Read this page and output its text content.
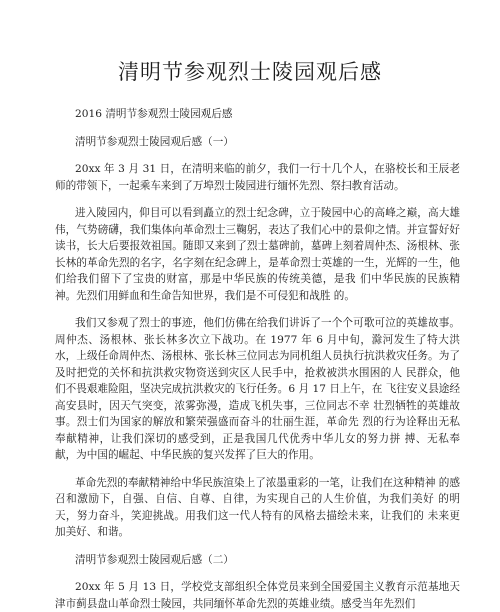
清明节参观烈士陵园观后感

2016 清明节参观烈士陵园观后感

清明节参观烈士陵园观后感（一）

20xx 年 3 月 31 日，在清明来临的前夕，我们一行十几个人，在骆校长和王辰老师的带领下，一起乘车来到了万埠烈士陵园进行缅怀先烈、祭扫教育活动。

进入陵园内，仰目可以看到矗立的烈士纪念碑，立于陵园中心的高峰之巅，高大雄伟，气势磅礴，我们集体向革命烈士三鞠躬，表达了我们心中的景仰之情。并宣誓好好读书，长大后要报效祖国。随即又来到了烈士墓碑前，墓碑上刻着周仲杰、汤根林、张长林的革命先烈的名字，名字刻在纪念碑上，是革命烈士英雄的一生，光辉的一生，他们给我们留下了宝贵的财富，那是中华民族的传统美德，是我 们中华民族的民族精神。先烈们用鲜血和生命告知世界，我们是不可侵犯和战胜 的。

我们又参观了烈士的事迹，他们仿佛在给我们讲诉了一个个可歌可泣的英雄故事。周仲杰、汤根林、张长林多次立下战功。在 1977 年 6 月中旬，滁河发生了特大洪水，上级任命周仲杰、汤根林、张长林三位同志为同机组人员执行抗洪救灾任务。为了及时把党的关怀和抗洪救灾物资送到灾区人民手中，抢救被洪水围困的人 民群众，他们不畏艰难险阻，坚决完成抗洪救灾的飞行任务。6 月 17 日上午，在 飞往安义县途经高安县时，因天气突变，浓雾弥漫，造成飞机失事，三位同志不幸 壮烈牺牲的英雄故事。烈士们为国家的解放和繁荣强盛而奋斗的壮丽生涯，革命先 烈的行为诠释出无私奉献精神，让我们深切的感受到，正是我国几代优秀中华儿女的努力拼 搏、无私奉献，为中国的崛起、中华民族的复兴发挥了巨大的作用。

革命先烈的奉献精神给中华民族渲染上了浓墨重彩的一笔，让我们在这种精神 的感召和激励下，自强、自信、自尊、自律，为实现自己的人生价值，为我们美好 的明天，努力奋斗，笑迎挑战。用我们这一代人特有的风格去描绘未来，让我们的 未来更加美好、和谐。

清明节参观烈士陵园观后感（二）

20xx 年 5 月 13 日，学校党支部组织全体党员来到全国爱国主义教育示范基地天津市蓟县盘山革命烈士陵园，共同缅怀革命先烈的英雄业绩。感受当年先烈们
